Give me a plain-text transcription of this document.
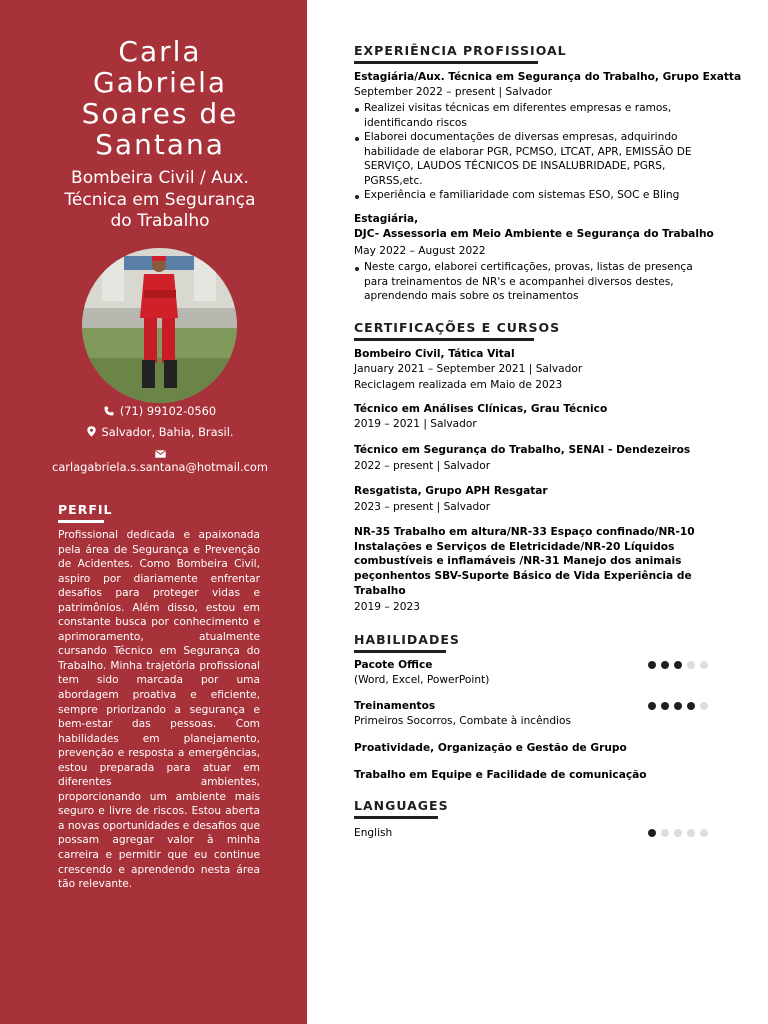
Carla
Gabriela
Soares de
Santana
Bombeira Civil / Aux.
Técnica em Segurança
do Trabalho
(71) 99102-0560
Salvador, Bahia, Brasil.
carlagabriela.s.santana@hotmail.com
PERFIL
Profissional dedicada e apaixonada pela área de Segurança e Prevenção de Acidentes. Como Bombeira Civil, aspiro por diariamente enfrentar desafios para proteger vidas e patrimônios. Além disso, estou em constante busca por conhecimento e aprimoramento, atualmente cursando Técnico em Segurança do Trabalho. Minha trajetória profissional tem sido marcada por uma abordagem proativa e eficiente, sempre priorizando a segurança e bem-estar das pessoas. Com habilidades em planejamento, prevenção e resposta a emergências, estou preparada para atuar em diferentes ambientes, proporcionando um ambiente mais seguro e livre de riscos. Estou aberta a novas oportunidades e desafios que possam agregar valor à minha carreira e permitir que eu continue crescendo e aprendendo nesta área tão relevante.
EXPERIÊNCIA PROFISSIOAL
Estagiária/Aux. Técnica em Segurança do Trabalho, Grupo Exatta
September 2022 – present | Salvador
Realizei visitas técnicas em diferentes empresas e ramos, identificando riscos
Elaborei documentações de diversas empresas, adquirindo habilidade de elaborar PGR, PCMSO, LTCAT, APR, EMISSÃO DE SERVIÇO, LAUDOS TÉCNICOS DE INSALUBRIDADE, PGRS, PGRSS,etc.
Experiência e familiaridade com sistemas ESO, SOC e Bling
Estagiária,
DJC- Assessoria em Meio Ambiente e Segurança do Trabalho
May 2022 – August 2022
Neste cargo, elaborei certificações, provas, listas de presença para treinamentos de NR's e acompanhei diversos destes, aprendendo mais sobre os treinamentos
CERTIFICAÇÕES E CURSOS
Bombeiro Civil, Tática Vital
January 2021 – September 2021 | Salvador
Reciclagem realizada em Maio de 2023
Técnico em Análises Clínicas, Grau Técnico
2019 – 2021 | Salvador
Técnico em Segurança do Trabalho, SENAI - Dendezeiros
2022 – present | Salvador
Resgatista, Grupo APH Resgatar
2023 – present | Salvador
NR-35 Trabalho em altura/NR-33 Espaço confinado/NR-10
Instalações e Serviços de Eletricidade/NR-20 Líquidos
combustíveis e inflamáveis /NR-31 Manejo dos animais
peçonhentos SBV-Suporte Básico de Vida Experiência de
Trabalho
2019 – 2023
HABILIDADES
Pacote Office
(Word, Excel, PowerPoint)
Treinamentos
Primeiros Socorros, Combate à incêndios
Proatividade, Organização e Gestão de Grupo
Trabalho em Equipe e Facilidade de comunicação
LANGUAGES
English
